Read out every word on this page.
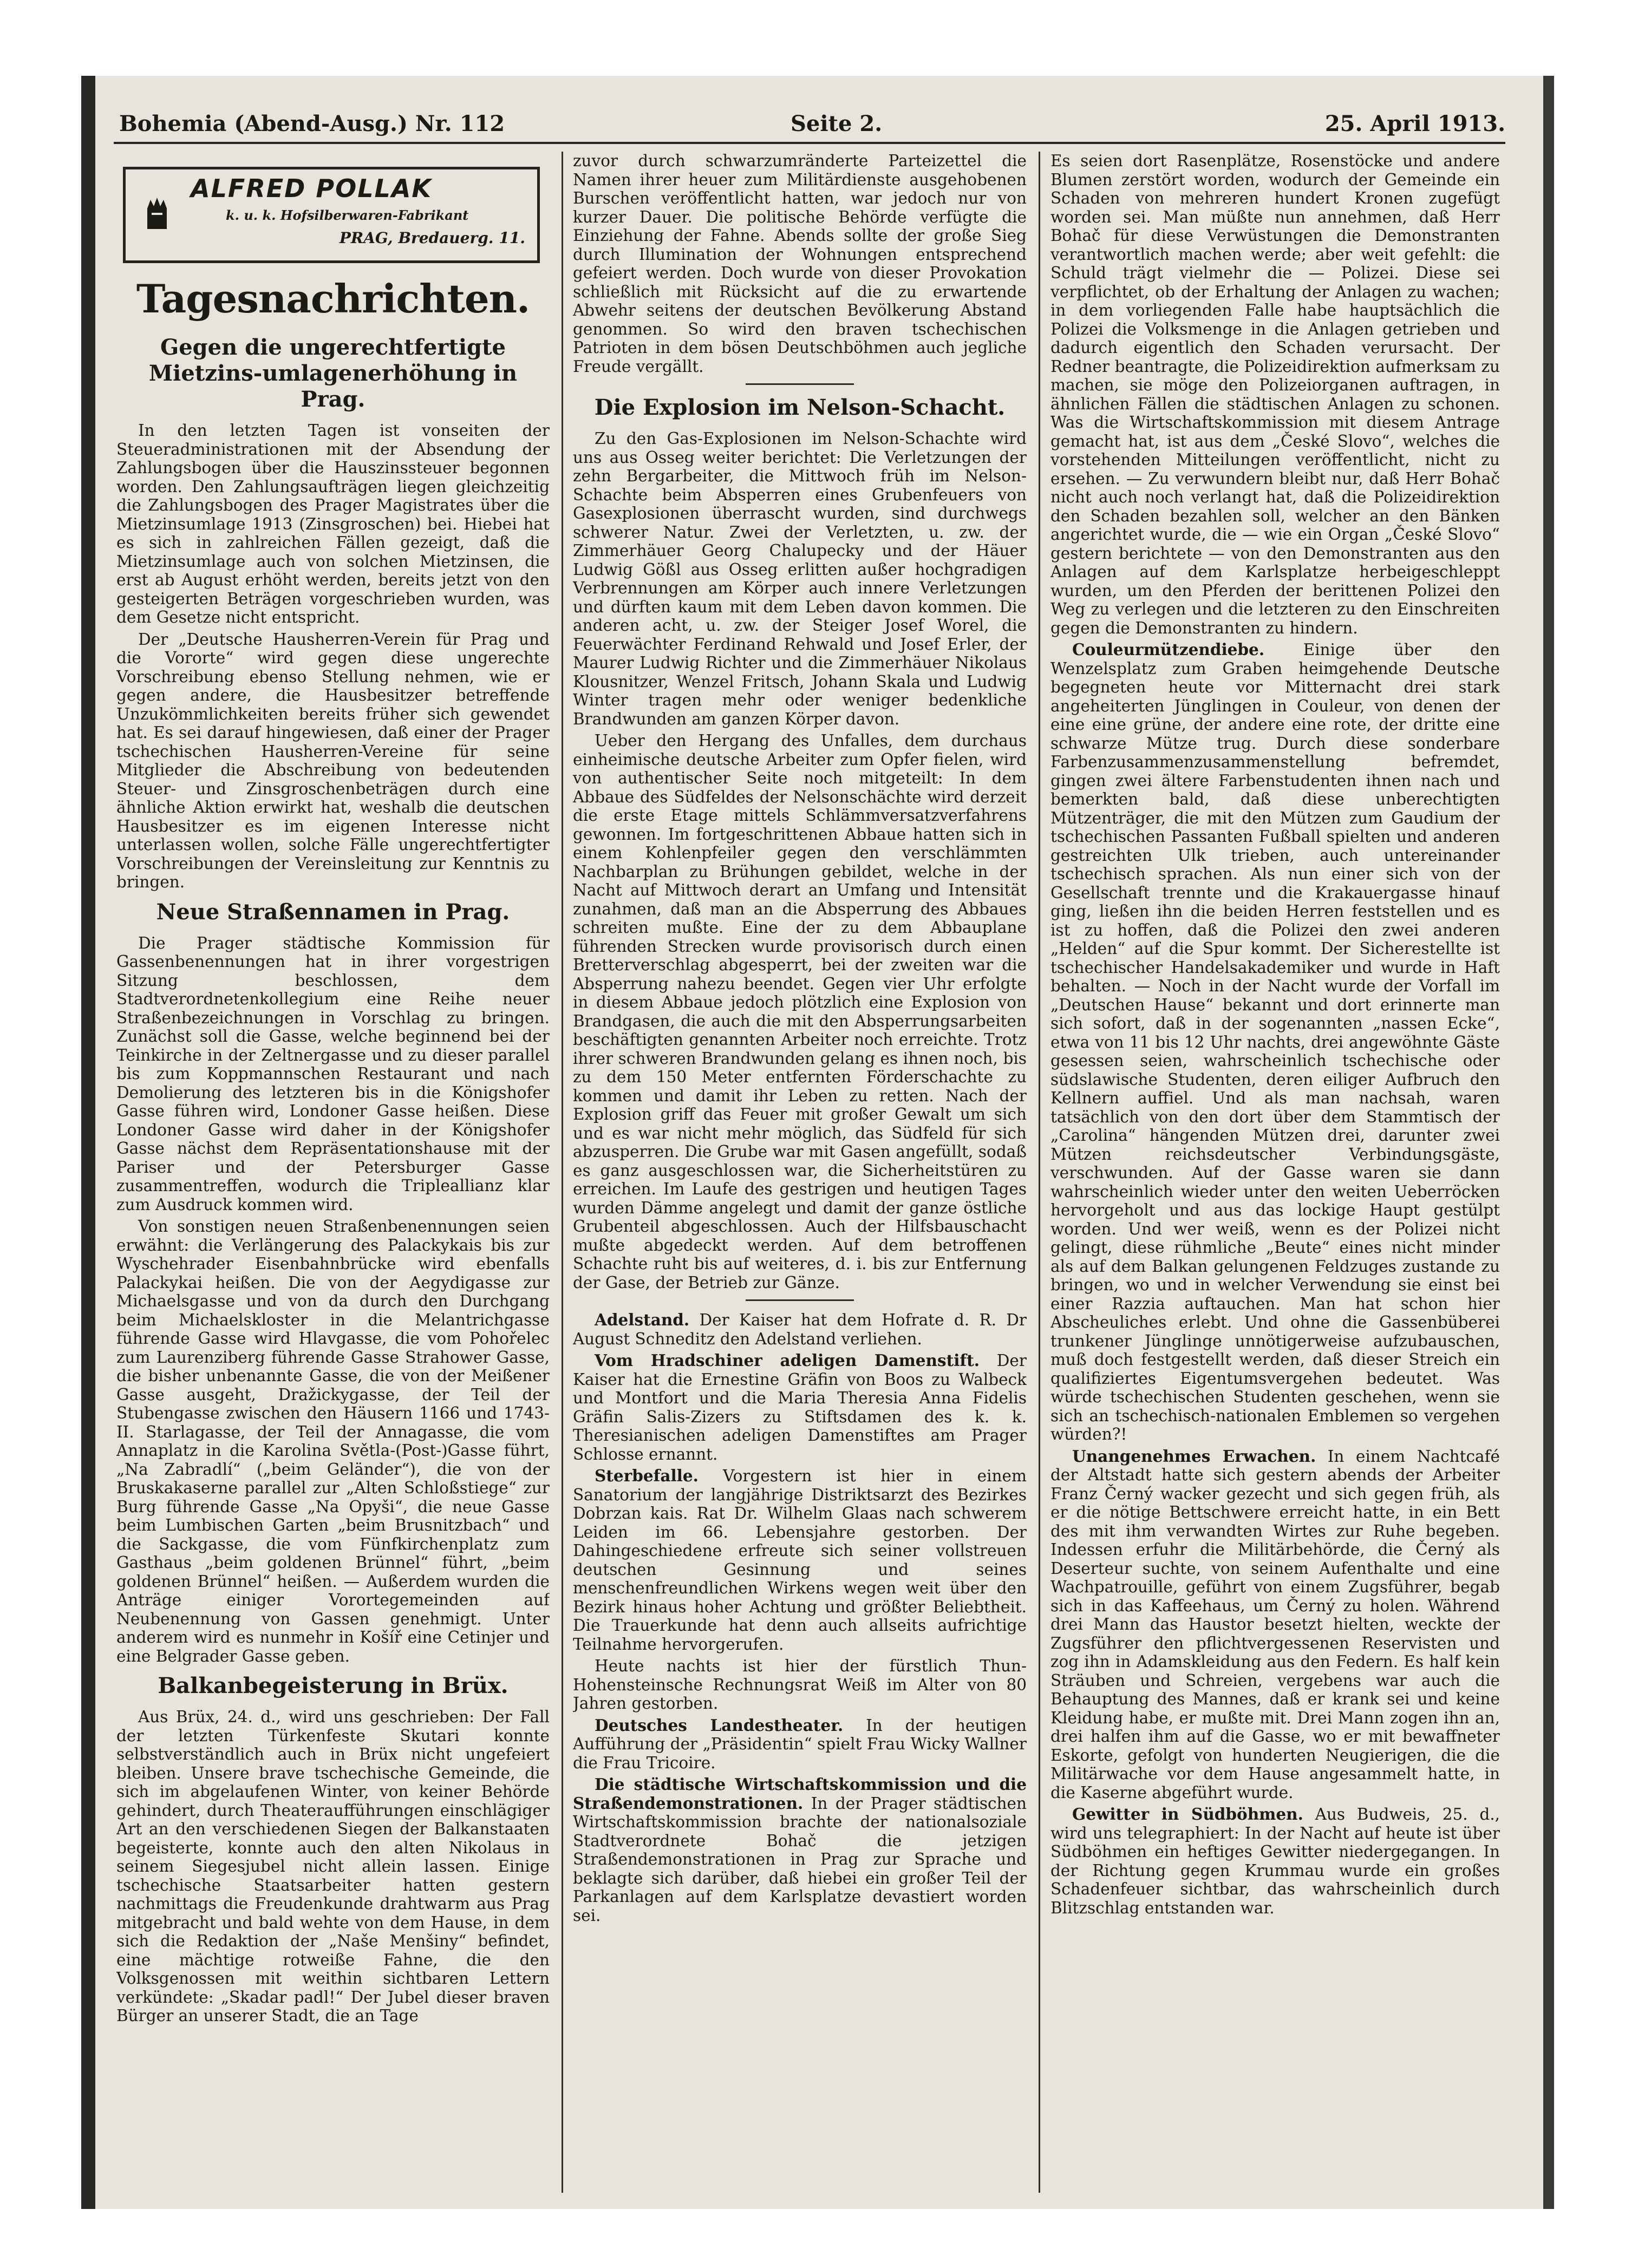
Bohemia (Abend-Ausg.) Nr. 112	Seite 2.	25. April 1913.
ALFRED POLLAK
k. u. k. Hofsilberwaren-Fabrikant
PRAG, Bredauerg. 11.
Tagesnachrichten.
Gegen die ungerechtfertigte Mietzins-umlagenerhöhung in Prag.

In den letzten Tagen ist vonseiten der Steueradministrationen mit der Absendung der Zahlungsbogen über die Hauszinssteuer begonnen worden. Den Zahlungsaufträgen liegen gleichzeitig die Zahlungsbogen des Prager Magistrates über die Mietzinsumlage 1913 (Zinsgroschen) bei. Hiebei hat es sich in zahlreichen Fällen gezeigt, daß die Mietzinsumlage auch von solchen Mietzinsen, die erst ab August erhöht werden, bereits jetzt von den gesteigerten Beträgen vorgeschrieben wurden, was dem Gesetze nicht entspricht.

Der „Deutsche Hausherren-Verein für Prag und die Vororte“ wird gegen diese ungerechte Vorschreibung ebenso Stellung nehmen, wie er gegen andere, die Hausbesitzer betreffende Unzukömmlichkeiten bereits früher sich gewendet hat. Es sei darauf hingewiesen, daß einer der Prager tschechischen Hausherren-Vereine für seine Mitglieder die Abschreibung von bedeutenden Steuer- und Zinsgroschenbeträgen durch eine ähnliche Aktion erwirkt hat, weshalb die deutschen Hausbesitzer es im eigenen Interesse nicht unterlassen wollen, solche Fälle ungerechtfertigter Vorschreibungen der Vereinsleitung zur Kenntnis zu bringen.

Neue Straßennamen in Prag.

Die Prager städtische Kommission für Gassenbenennungen hat in ihrer vorgestrigen Sitzung beschlossen, dem Stadtverordnetenkollegium eine Reihe neuer Straßenbezeichnungen in Vorschlag zu bringen. Zunächst soll die Gasse, welche beginnend bei der Teinkirche in der Zeltnergasse und zu dieser parallel bis zum Koppmannschen Restaurant und nach Demolierung des letzteren bis in die Königshofer Gasse führen wird, Londoner Gasse heißen. Diese Londoner Gasse wird daher in der Königshofer Gasse nächst dem Repräsentationshause mit der Pariser und der Petersburger Gasse zusammentreffen, wodurch die Tripleallianz klar zum Ausdruck kommen wird.

Von sonstigen neuen Straßenbenennungen seien erwähnt: die Verlängerung des Palackykais bis zur Wyschehrader Eisenbahnbrücke wird ebenfalls Palackykai heißen. Die von der Aegydigasse zur Michaelsgasse und von da durch den Durchgang beim Michaelskloster in die Melantrichgasse führende Gasse wird Hlavgasse, die vom Pohořelec zum Laurenziberg führende Gasse Strahower Gasse, die bisher unbenannte Gasse, die von der Meißener Gasse ausgeht, Dražickygasse, der Teil der Stubengasse zwischen den Häusern 1166 und 1743-II. Starlagasse, der Teil der Annagasse, die vom Annaplatz in die Karolina Světla-(Post-)Gasse führt, „Na Zabradlí“ („beim Geländer“), die von der Bruskakaserne parallel zur „Alten Schloßstiege“ zur Burg führende Gasse „Na Opyši“, die neue Gasse beim Lumbischen Garten „beim Brusnitzbach“ und die Sackgasse, die vom Fünfkirchenplatz zum Gasthaus „beim goldenen Brünnel“ führt, „beim goldenen Brünnel“ heißen. — Außerdem wurden die Anträge einiger Vorortegemeinden auf Neubenennung von Gassen genehmigt. Unter anderem wird es nunmehr in Košíř eine Cetinjer und eine Belgrader Gasse geben.

Balkanbegeisterung in Brüx.

Aus Brüx, 24. d., wird uns geschrieben: Der Fall der letzten Türkenfeste Skutari konnte selbstverständlich auch in Brüx nicht ungefeiert bleiben. Unsere brave tschechische Gemeinde, die sich im abgelaufenen Winter, von keiner Behörde gehindert, durch Theateraufführungen einschlägiger Art an den verschiedenen Siegen der Balkanstaaten begeisterte, konnte auch den alten Nikolaus in seinem Siegesjubel nicht allein lassen. Einige tschechische Staatsarbeiter hatten gestern nachmittags die Freudenkunde drahtwarm aus Prag mitgebracht und bald wehte von dem Hause, in dem sich die Redaktion der „Naše Menšiny“ befindet, eine mächtige rotweiße Fahne, die den Volksgenossen mit weithin sichtbaren Lettern verkündete: „Skadar padl!“ Der Jubel dieser braven Bürger an unserer Stadt, die an Tage

zuvor durch schwarzumränderte Parteizettel die Namen ihrer heuer zum Militärdienste ausgehobenen Burschen veröffentlicht hatten, war jedoch nur von kurzer Dauer. Die politische Behörde verfügte die Einziehung der Fahne. Abends sollte der große Sieg durch Illumination der Wohnungen entsprechend gefeiert werden. Doch wurde von dieser Provokation schließlich mit Rücksicht auf die zu erwartende Abwehr seitens der deutschen Bevölkerung Abstand genommen. So wird den braven tschechischen Patrioten in dem bösen Deutschböhmen auch jegliche Freude vergällt.

Die Explosion im Nelson-Schacht.

Zu den Gas-Explosionen im Nelson-Schachte wird uns aus Osseg weiter berichtet: Die Verletzungen der zehn Bergarbeiter, die Mittwoch früh im Nelson-Schachte beim Absperren eines Grubenfeuers von Gasexplosionen überrascht wurden, sind durchwegs schwerer Natur. Zwei der Verletzten, u. zw. der Zimmerhäuer Georg Chalupecky und der Häuer Ludwig Gößl aus Osseg erlitten außer hochgradigen Verbrennungen am Körper auch innere Verletzungen und dürften kaum mit dem Leben davon kommen. Die anderen acht, u. zw. der Steiger Josef Worel, die Feuerwächter Ferdinand Rehwald und Josef Erler, der Maurer Ludwig Richter und die Zimmerhäuer Nikolaus Klousnitzer, Wenzel Fritsch, Johann Skala und Ludwig Winter tragen mehr oder weniger bedenkliche Brandwunden am ganzen Körper davon.

Ueber den Hergang des Unfalles, dem durchaus einheimische deutsche Arbeiter zum Opfer fielen, wird von authentischer Seite noch mitgeteilt: In dem Abbaue des Südfeldes der Nelsonschächte wird derzeit die erste Etage mittels Schlämmversatzverfahrens gewonnen. Im fortgeschrittenen Abbaue hatten sich in einem Kohlenpfeiler gegen den verschlämmten Nachbarplan zu Brühungen gebildet, welche in der Nacht auf Mittwoch derart an Umfang und Intensität zunahmen, daß man an die Absperrung des Abbaues schreiten mußte. Eine der zu dem Abbauplane führenden Strecken wurde provisorisch durch einen Bretterverschlag abgesperrt, bei der zweiten war die Absperrung nahezu beendet. Gegen vier Uhr erfolgte in diesem Abbaue jedoch plötzlich eine Explosion von Brandgasen, die auch die mit den Absperrungsarbeiten beschäftigten genannten Arbeiter noch erreichte. Trotz ihrer schweren Brandwunden gelang es ihnen noch, bis zu dem 150 Meter entfernten Förderschachte zu kommen und damit ihr Leben zu retten. Nach der Explosion griff das Feuer mit großer Gewalt um sich und es war nicht mehr möglich, das Südfeld für sich abzusperren. Die Grube war mit Gasen angefüllt, sodaß es ganz ausgeschlossen war, die Sicherheitstüren zu erreichen. Im Laufe des gestrigen und heutigen Tages wurden Dämme angelegt und damit der ganze östliche Grubenteil abgeschlossen. Auch der Hilfsbauschacht mußte abgedeckt werden. Auf dem betroffenen Schachte ruht bis auf weiteres, d. i. bis zur Entfernung der Gase, der Betrieb zur Gänze.

Adelstand. Der Kaiser hat dem Hofrate d. R. Dr August Schneditz den Adelstand verliehen.

Vom Hradschiner adeligen Damenstift. Der Kaiser hat die Ernestine Gräfin von Boos zu Walbeck und Montfort und die Maria Theresia Anna Fidelis Gräfin Salis-Zizers zu Stiftsdamen des k. k. Theresianischen adeligen Damenstiftes am Prager Schlosse ernannt.

Sterbefalle. Vorgestern ist hier in einem Sanatorium der langjährige Distriktsarzt des Bezirkes Dobrzan kais. Rat Dr. Wilhelm Glaas nach schwerem Leiden im 66. Lebensjahre gestorben. Der Dahingeschiedene erfreute sich seiner vollstreuen deutschen Gesinnung und seines menschenfreundlichen Wirkens wegen weit über den Bezirk hinaus hoher Achtung und größter Beliebtheit. Die Trauerkunde hat denn auch allseits aufrichtige Teilnahme hervorgerufen.

Heute nachts ist hier der fürstlich Thun-Hohensteinsche Rechnungsrat Weiß im Alter von 80 Jahren gestorben.

Deutsches Landestheater. In der heutigen Aufführung der „Präsidentin“ spielt Frau Wicky Wallner die Frau Tricoire.

Die städtische Wirtschaftskommission und die Straßendemonstrationen. In der Prager städtischen Wirtschaftskommission brachte der nationalsoziale Stadtverordnete Bohač die jetzigen Straßendemonstrationen in Prag zur Sprache und beklagte sich darüber, daß hiebei ein großer Teil der Parkanlagen auf dem Karlsplatze devastiert worden sei.

Es seien dort Rasenplätze, Rosenstöcke und andere Blumen zerstört worden, wodurch der Gemeinde ein Schaden von mehreren hundert Kronen zugefügt worden sei. Man müßte nun annehmen, daß Herr Bohač für diese Verwüstungen die Demonstranten verantwortlich machen werde; aber weit gefehlt: die Schuld trägt vielmehr die — Polizei. Diese sei verpflichtet, ob der Erhaltung der Anlagen zu wachen; in dem vorliegenden Falle habe hauptsächlich die Polizei die Volksmenge in die Anlagen getrieben und dadurch eigentlich den Schaden verursacht. Der Redner beantragte, die Polizeidirektion aufmerksam zu machen, sie möge den Polizeiorganen auftragen, in ähnlichen Fällen die städtischen Anlagen zu schonen. Was die Wirtschaftskommission mit diesem Antrage gemacht hat, ist aus dem „České Slovo“, welches die vorstehenden Mitteilungen veröffentlicht, nicht zu ersehen. — Zu verwundern bleibt nur, daß Herr Bohač nicht auch noch verlangt hat, daß die Polizeidirektion den Schaden bezahlen soll, welcher an den Bänken angerichtet wurde, die — wie ein Organ „České Slovo“ gestern berichtete — von den Demonstranten aus den Anlagen auf dem Karlsplatze herbeigeschleppt wurden, um den Pferden der berittenen Polizei den Weg zu verlegen und die letzteren zu den Einschreiten gegen die Demonstranten zu hindern.

Couleurmützendiebe. Einige über den Wenzelsplatz zum Graben heimgehende Deutsche begegneten heute vor Mitternacht drei stark angeheiterten Jünglingen in Couleur, von denen der eine eine grüne, der andere eine rote, der dritte eine schwarze Mütze trug. Durch diese sonderbare Farbenzusammenzusammenstellung befremdet, gingen zwei ältere Farbenstudenten ihnen nach und bemerkten bald, daß diese unberechtigten Mützenträger, die mit den Mützen zum Gaudium der tschechischen Passanten Fußball spielten und anderen gestreichten Ulk trieben, auch untereinander tschechisch sprachen. Als nun einer sich von der Gesellschaft trennte und die Krakauergasse hinauf ging, ließen ihn die beiden Herren feststellen und es ist zu hoffen, daß die Polizei den zwei anderen „Helden“ auf die Spur kommt. Der Sicherestellte ist tschechischer Handelsakademiker und wurde in Haft behalten. — Noch in der Nacht wurde der Vorfall im „Deutschen Hause“ bekannt und dort erinnerte man sich sofort, daß in der sogenannten „nassen Ecke“, etwa von 11 bis 12 Uhr nachts, drei angewöhnte Gäste gesessen seien, wahrscheinlich tschechische oder südslawische Studenten, deren eiliger Aufbruch den Kellnern auffiel. Und als man nachsah, waren tatsächlich von den dort über dem Stammtisch der „Carolina“ hängenden Mützen drei, darunter zwei Mützen reichsdeutscher Verbindungsgäste, verschwunden. Auf der Gasse waren sie dann wahrscheinlich wieder unter den weiten Ueberröcken hervorgeholt und aus das lockige Haupt gestülpt worden. Und wer weiß, wenn es der Polizei nicht gelingt, diese rühmliche „Beute“ eines nicht minder als auf dem Balkan gelungenen Feldzuges zustande zu bringen, wo und in welcher Verwendung sie einst bei einer Razzia auftauchen. Man hat schon hier Abscheuliches erlebt. Und ohne die Gassenbüberei trunkener Jünglinge unnötigerweise aufzubauschen, muß doch festgestellt werden, daß dieser Streich ein qualifiziertes Eigentumsvergehen bedeutet. Was würde tschechischen Studenten geschehen, wenn sie sich an tschechisch-nationalen Emblemen so vergehen würden?!

Unangenehmes Erwachen. In einem Nachtcafé der Altstadt hatte sich gestern abends der Arbeiter Franz Černý wacker gezecht und sich gegen früh, als er die nötige Bettschwere erreicht hatte, in ein Bett des mit ihm verwandten Wirtes zur Ruhe begeben. Indessen erfuhr die Militärbehörde, die Černý als Deserteur suchte, von seinem Aufenthalte und eine Wachpatrouille, geführt von einem Zugsführer, begab sich in das Kaffeehaus, um Černý zu holen. Während drei Mann das Haustor besetzt hielten, weckte der Zugsführer den pflichtvergessenen Reservisten und zog ihn in Adamskleidung aus den Federn. Es half kein Sträuben und Schreien, vergebens war auch die Behauptung des Mannes, daß er krank sei und keine Kleidung habe, er mußte mit. Drei Mann zogen ihn an, drei halfen ihm auf die Gasse, wo er mit bewaffneter Eskorte, gefolgt von hunderten Neugierigen, die die Militärwache vor dem Hause angesammelt hatte, in die Kaserne abgeführt wurde.

Gewitter in Südböhmen. Aus Budweis, 25. d., wird uns telegraphiert: In der Nacht auf heute ist über Südböhmen ein heftiges Gewitter niedergegangen. In der Richtung gegen Krummau wurde ein großes Schadenfeuer sichtbar, das wahrscheinlich durch Blitzschlag entstanden war.
